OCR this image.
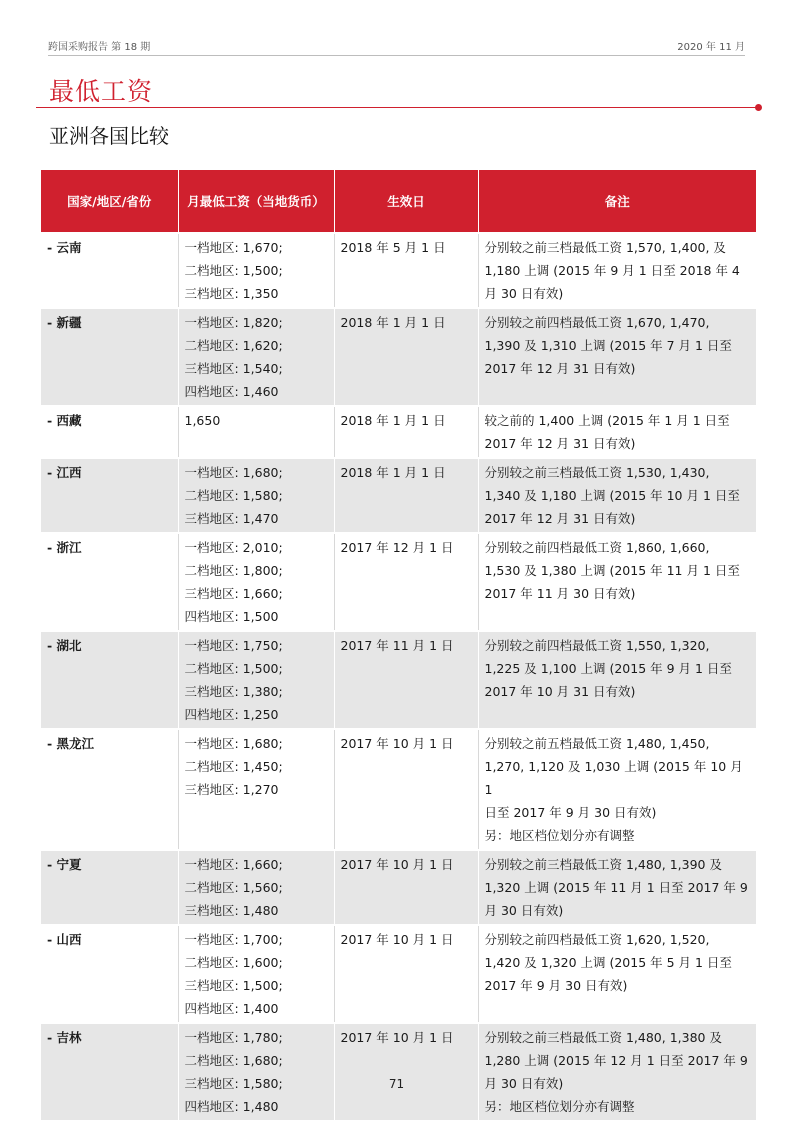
跨国采购报告 第 18 期	2020 年 11 月
最低工资
亚洲各国比较
国家/地区/省份	月最低工资（当地货币）	生效日	备注
- 云南	一档地区: 1,670;
二档地区: 1,500;
三档地区: 1,350	2018 年 5 月 1 日	分别较之前三档最低工资 1,570, 1,400, 及
1,180 上调 (2015 年 9 月 1 日至 2018 年 4
月 30 日有效)

- 新疆	一档地区: 1,820;
二档地区: 1,620;
三档地区: 1,540;
四档地区: 1,460	2018 年 1 月 1 日	分别较之前四档最低工资 1,670, 1,470,
1,390 及 1,310 上调 (2015 年 7 月 1 日至
2017 年 12 月 31 日有效)

- 西藏	1,650	2018 年 1 月 1 日	较之前的 1,400 上调 (2015 年 1 月 1 日至
2017 年 12 月 31 日有效)

- 江西	一档地区: 1,680;
二档地区: 1,580;
三档地区: 1,470	2018 年 1 月 1 日	分别较之前三档最低工资 1,530, 1,430,
1,340 及 1,180 上调 (2015 年 10 月 1 日至
2017 年 12 月 31 日有效)

- 浙江	一档地区: 2,010;
二档地区: 1,800;
三档地区: 1,660;
四档地区: 1,500	2017 年 12 月 1 日	分别较之前四档最低工资 1,860, 1,660,
1,530 及 1,380 上调 (2015 年 11 月 1 日至
2017 年 11 月 30 日有效)

- 湖北	一档地区: 1,750;
二档地区: 1,500;
三档地区: 1,380;
四档地区: 1,250	2017 年 11 月 1 日	分别较之前四档最低工资 1,550, 1,320,
1,225 及 1,100 上调 (2015 年 9 月 1 日至
2017 年 10 月 31 日有效)

- 黑龙江	一档地区: 1,680;
二档地区: 1,450;
三档地区: 1,270	2017 年 10 月 1 日	分别较之前五档最低工资 1,480, 1,450,
1,270, 1,120 及 1,030 上调 (2015 年 10 月 1
日至 2017 年 9 月 30 日有效)
另：地区档位划分亦有调整

- 宁夏	一档地区: 1,660;
二档地区: 1,560;
三档地区: 1,480	2017 年 10 月 1 日	分别较之前三档最低工资 1,480, 1,390 及
1,320 上调 (2015 年 11 月 1 日至 2017 年 9
月 30 日有效)

- 山西	一档地区: 1,700;
二档地区: 1,600;
三档地区: 1,500;
四档地区: 1,400	2017 年 10 月 1 日	分别较之前四档最低工资 1,620, 1,520,
1,420 及 1,320 上调 (2015 年 5 月 1 日至
2017 年 9 月 30 日有效)

- 吉林	一档地区: 1,780;
二档地区: 1,680;
三档地区: 1,580;
四档地区: 1,480	2017 年 10 月 1 日	分别较之前三档最低工资 1,480, 1,380 及
1,280 上调 (2015 年 12 月 1 日至 2017 年 9
月 30 日有效)
另：地区档位划分亦有调整
71
